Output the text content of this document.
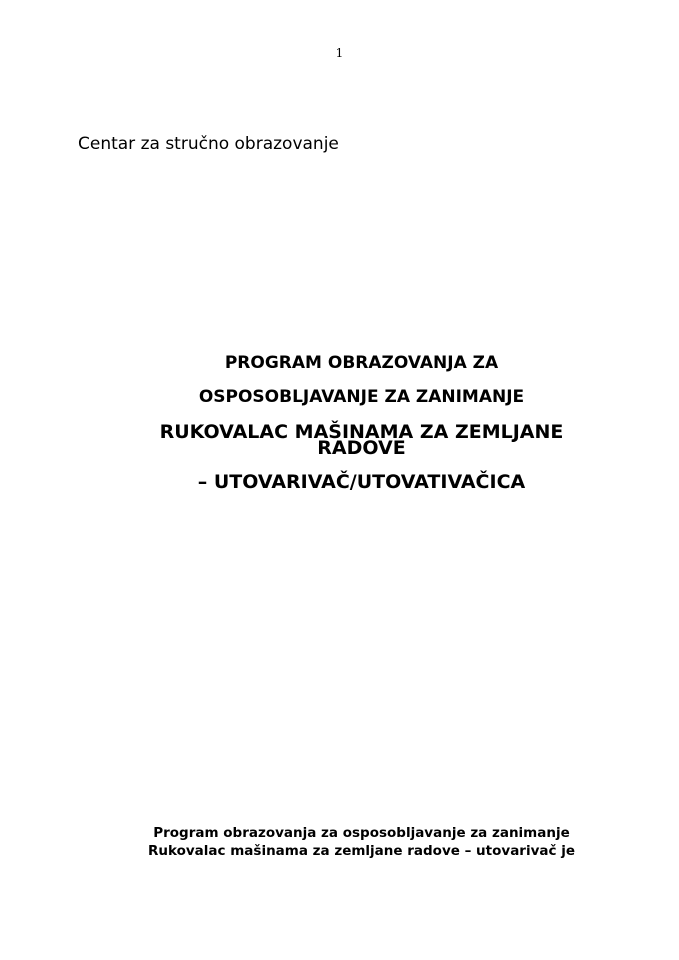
1
Centar za stručno obrazovanje
PROGRAM OBRAZOVANJA ZA
OSPOSOBLJAVANJE ZA ZANIMANJE
RUKOVALAC MAŠINAMA ZA ZEMLJANE
RADOVE
– UTOVARIVAČ/UTOVATIVAČICA
Program obrazovanja za osposobljavanje za zanimanje
Rukovalac mašinama za zemljane radove – utovarivač je
